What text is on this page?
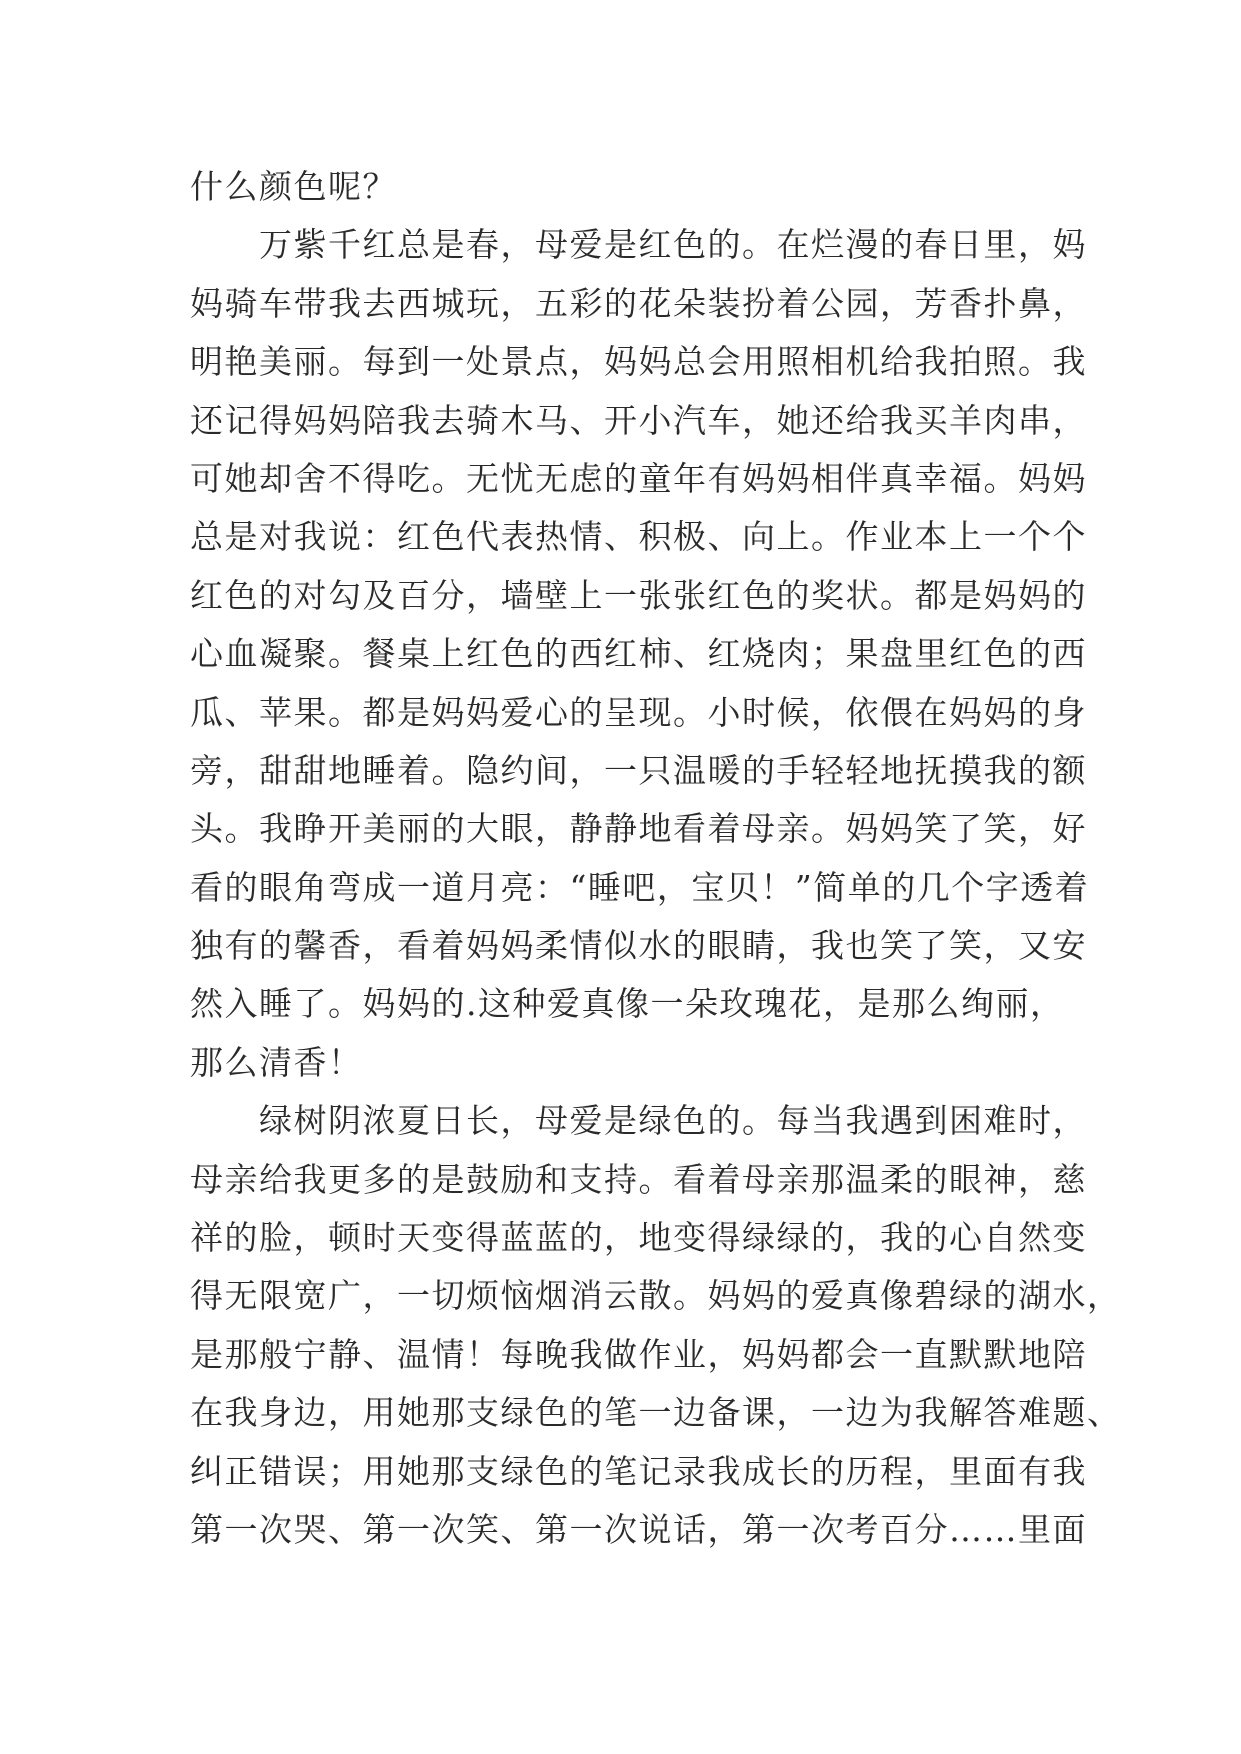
什么颜色呢？
万紫千红总是春，母爱是红色的。在烂漫的春日里，妈
妈骑车带我去西城玩，五彩的花朵装扮着公园，芳香扑鼻，
明艳美丽。每到一处景点，妈妈总会用照相机给我拍照。我
还记得妈妈陪我去骑木马、开小汽车，她还给我买羊肉串，
可她却舍不得吃。无忧无虑的童年有妈妈相伴真幸福。妈妈
总是对我说：红色代表热情、积极、向上。作业本上一个个
红色的对勾及百分，墙壁上一张张红色的奖状。都是妈妈的
心血凝聚。餐桌上红色的西红柿、红烧肉；果盘里红色的西
瓜、苹果。都是妈妈爱心的呈现。小时候，依偎在妈妈的身
旁，甜甜地睡着。隐约间，一只温暖的手轻轻地抚摸我的额
头。我睁开美丽的大眼，静静地看着母亲。妈妈笑了笑，好
看的眼角弯成一道月亮：“睡吧，宝贝！”简单的几个字透着
独有的馨香，看着妈妈柔情似水的眼睛，我也笑了笑，又安
然入睡了。妈妈的.这种爱真像一朵玫瑰花，是那么绚丽，
那么清香！
绿树阴浓夏日长，母爱是绿色的。每当我遇到困难时，
母亲给我更多的是鼓励和支持。看着母亲那温柔的眼神，慈
祥的脸，顿时天变得蓝蓝的，地变得绿绿的，我的心自然变
得无限宽广，一切烦恼烟消云散。妈妈的爱真像碧绿的湖水，
是那般宁静、温情！每晚我做作业，妈妈都会一直默默地陪
在我身边，用她那支绿色的笔一边备课，一边为我解答难题、
纠正错误；用她那支绿色的笔记录我成长的历程，里面有我
第一次哭、第一次笑、第一次说话，第一次考百分……里面
